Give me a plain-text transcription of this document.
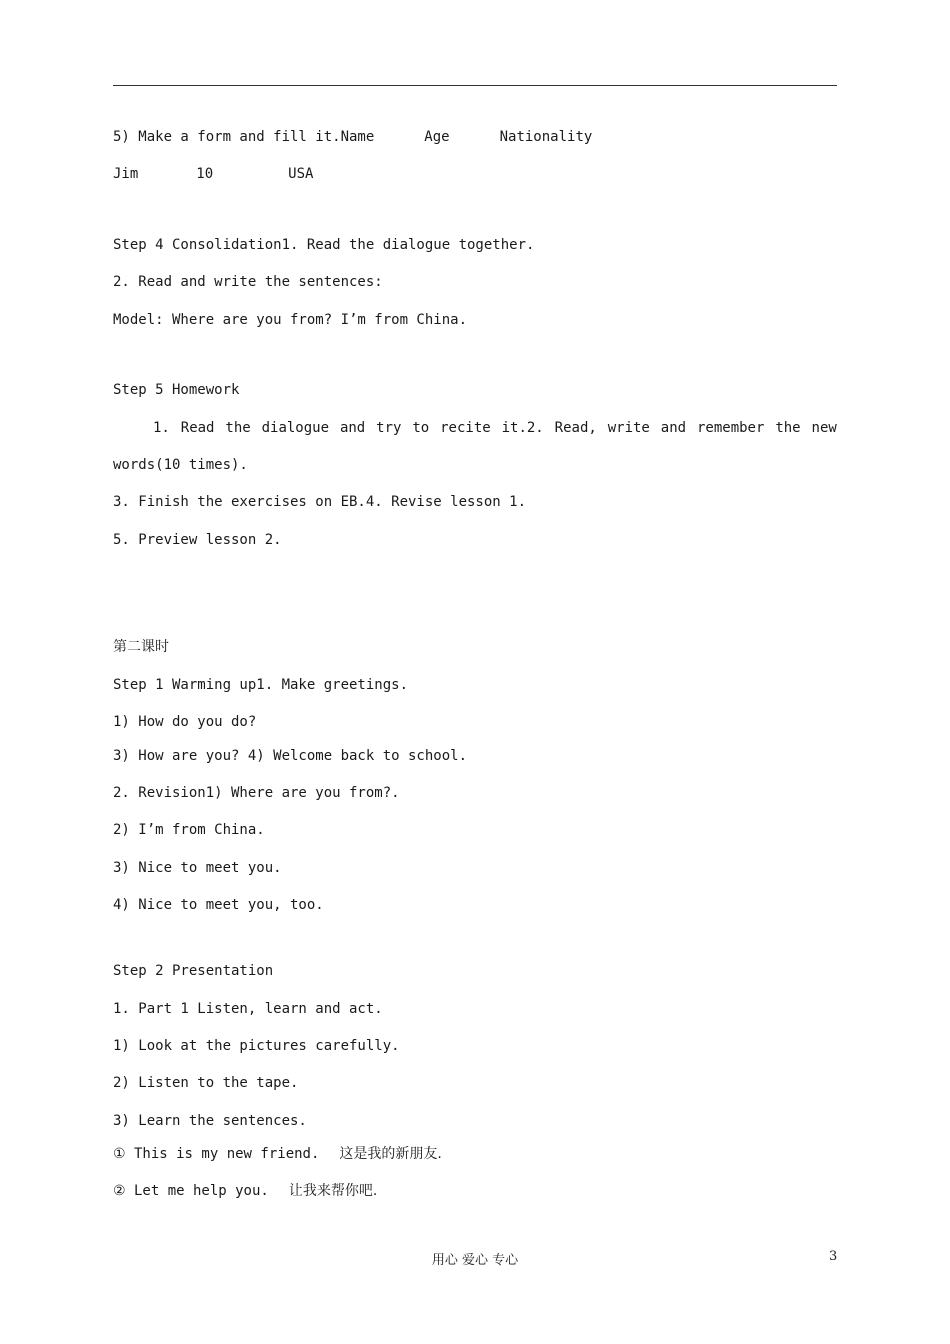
5) Make a form and fill it.Name	Age	Nationality
Jim	10	USA
Step 4 Consolidation1. Read the dialogue together.
2. Read and write the sentences:
Model: Where are you from? I’m from China.
Step 5 Homework
1. Read the dialogue and try to recite it.2. Read, write and remember the new
words(10 times).
3. Finish the exercises on EB.4. Revise lesson 1.
5. Preview lesson 2.
第二课时
Step 1 Warming up1. Make greetings.
1) How do you do?
3) How are you? 4) Welcome back to school.
2. Revision1) Where are you from?.
2) I’m from China.
3) Nice to meet you.
4) Nice to meet you, too.
Step 2 Presentation
1. Part 1 Listen, learn and act.
1) Look at the pictures carefully.
2) Listen to the tape.
3) Learn the sentences.
① This is my new friend. 这是我的新朋友.
② Let me help you. 让我来帮你吧.
用心 爱心 专心	3
